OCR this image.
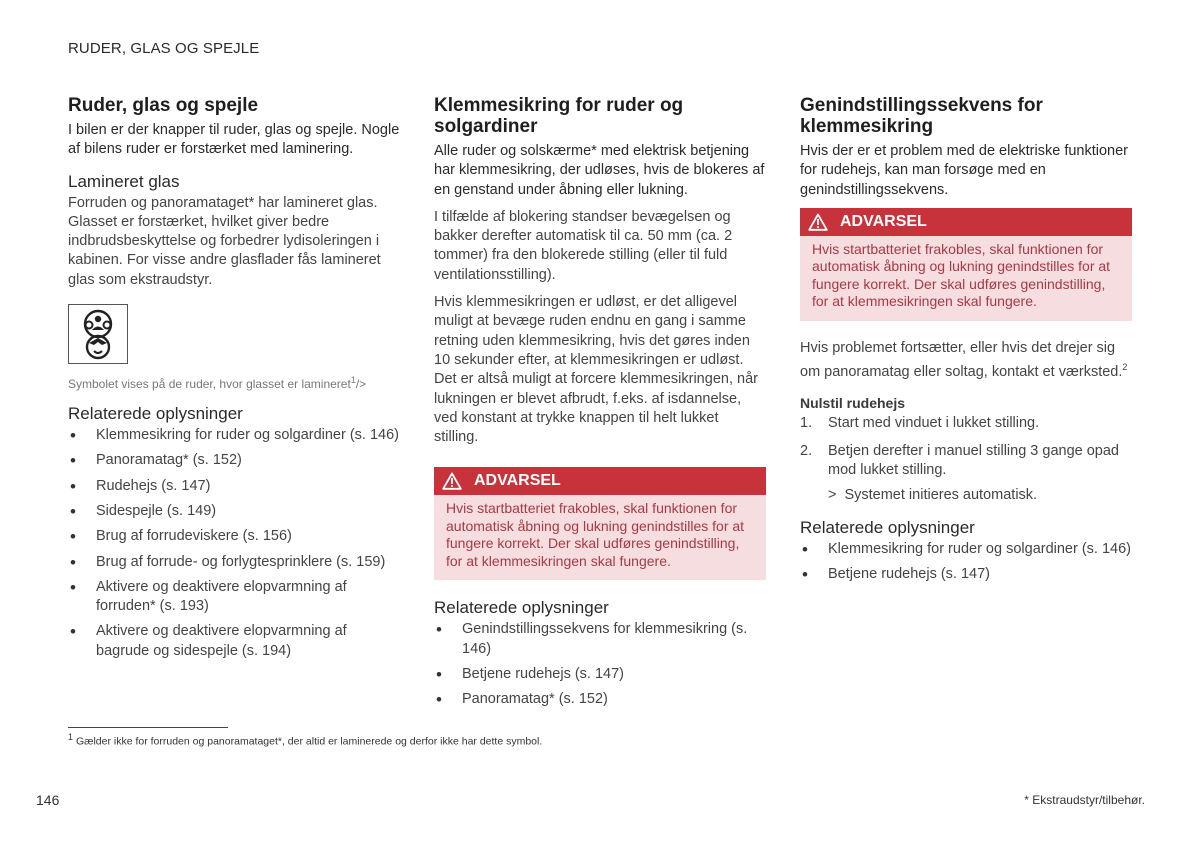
RUDER, GLAS OG SPEJLE
Ruder, glas og spejle

I bilen er der knapper til ruder, glas og spejle. Nogle af bilens ruder er forstærket med laminering.

Lamineret glas

Forruden og panoramataget* har lamineret glas. Glasset er forstærket, hvilket giver bedre indbrudsbeskyttelse og forbedrer lydisoleringen i kabinen. For visse andre glasflader fås lamineret glas som ekstraudstyr.

Symbolet vises på de ruder, hvor glasset er lamineret$^1$/>
Relaterede oplysninger
• Klemmesikring for ruder og solgardiner (s. 146)
• Panoramatag* (s. 152)
• Rudehejs (s. 147)
• Sidespejle (s. 149)
• Brug af forrudeviskere (s. 156)
• Brug af forrude- og forlygtesprinklere (s. 159)
• Aktivere og deaktivere elopvarmning af forruden* (s. 193)
• Aktivere og deaktivere elopvarmning af bagrude og sidespejle (s. 194)
Klemmesikring for ruder og solgardiner

Alle ruder og solskærme* med elektrisk betjening har klemmesikring, der udløses, hvis de blokeres af en genstand under åbning eller lukning.

I tilfælde af blokering standser bevægelsen og bakker derefter automatisk til ca. 50 mm (ca. 2 tommer) fra den blokerede stilling (eller til fuld ventilationsstilling).

Hvis klemmesikringen er udløst, er det alligevel muligt at bevæge ruden endnu en gang i samme retning uden klemmesikring, hvis det gøres inden 10 sekunder efter, at klemmesikringen er udløst. Det er altså muligt at forcere klemmesikringen, når lukningen er blevet afbrudt, f.eks. af isdannelse, ved konstant at trykke knappen til helt lukket stilling.

ADVARSEL
Hvis startbatteriet frakobles, skal funktionen for automatisk åbning og lukning genindstilles for at fungere korrekt. Der skal udføres genindstilling, for at klemmesikringen skal fungere.
Relaterede oplysninger
• Genindstillingssekvens for klemmesikring (s. 146)
• Betjene rudehejs (s. 147)
• Panoramatag* (s. 152)
Genindstillingssekvens for klemmesikring

Hvis der er et problem med de elektriske funktioner for rudehejs, kan man forsøge med en genindstillingssekvens.

ADVARSEL
Hvis startbatteriet frakobles, skal funktionen for automatisk åbning og lukning genindstilles for at fungere korrekt. Der skal udføres genindstilling, for at klemmesikringen skal fungere.

Hvis problemet fortsætter, eller hvis det drejer sig om panoramatag eller soltag, kontakt et værksted.$^2$

Nulstil rudehejs
1. Start med vinduet i lukket stilling.
2. Betjen derefter i manuel stilling 3 gange opad mod lukket stilling.
> Systemet initieres automatisk.
Relaterede oplysninger
• Klemmesikring for ruder og solgardiner (s. 146)
• Betjene rudehejs (s. 147)
$^1$ Gælder ikke for forruden og panoramataget*, der altid er laminerede og derfor ikke har dette symbol.
146	* Ekstraudstyr/tilbehør.
